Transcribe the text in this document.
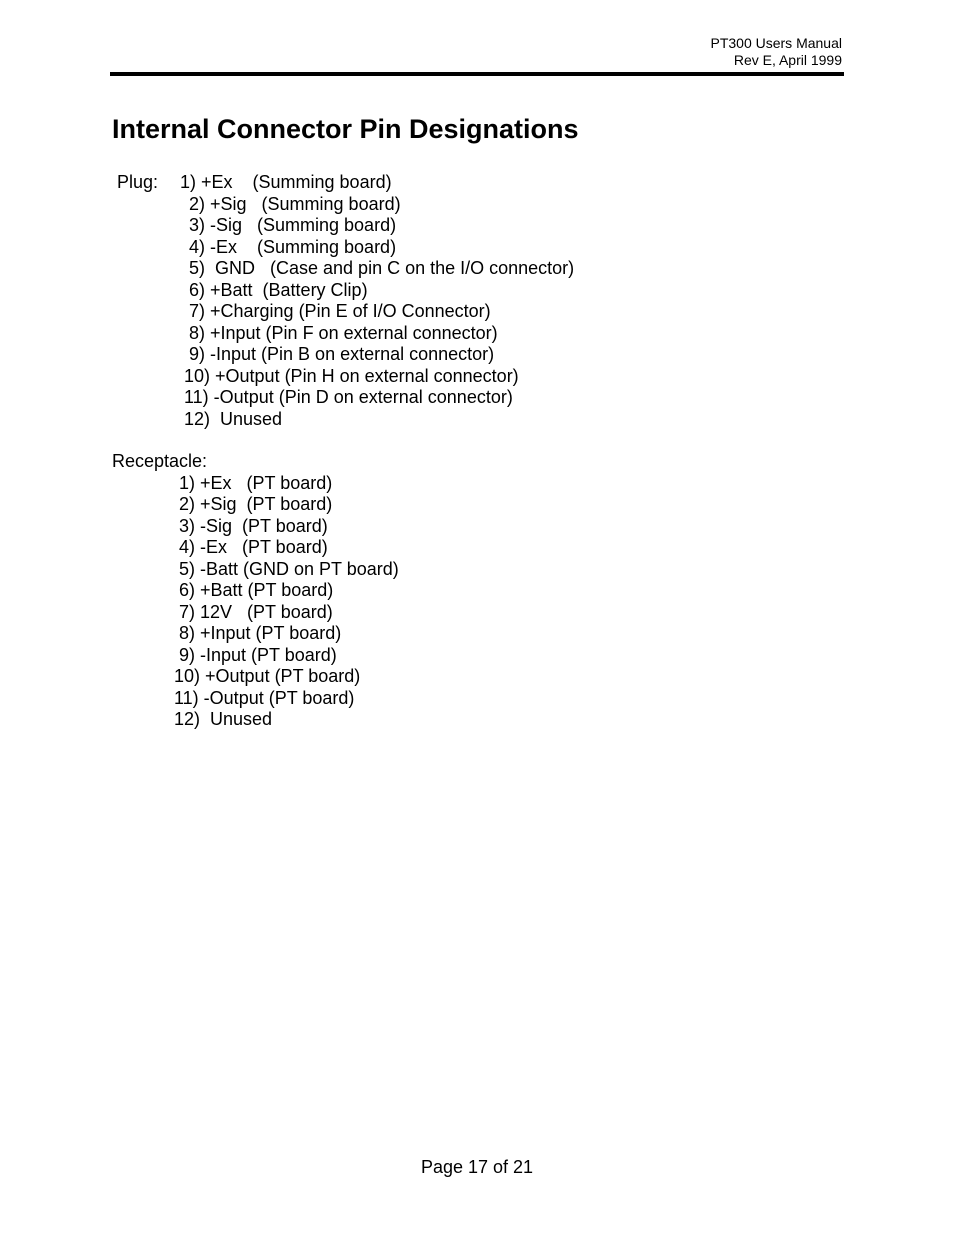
PT300 Users Manual
Rev E, April 1999
Internal Connector Pin Designations
Plug: 1) +Ex    (Summing board)
2) +Sig   (Summing board)
3) -Sig   (Summing board)
4) -Ex    (Summing board)
5)  GND   (Case and pin C on the I/O connector)
6) +Batt  (Battery Clip)
7) +Charging (Pin E of I/O Connector)
8) +Input (Pin F on external connector)
9) -Input (Pin B on external connector)
10) +Output (Pin H on external connector)
11) -Output (Pin D on external connector)
12)  Unused
Receptacle:
1) +Ex   (PT board)
2) +Sig  (PT board)
3) -Sig  (PT board)
4) -Ex   (PT board)
5) -Batt (GND on PT board)
6) +Batt (PT board)
7) 12V   (PT board)
8) +Input (PT board)
9) -Input (PT board)
10) +Output (PT board)
11) -Output (PT board)
12)  Unused
Page 17 of 21
